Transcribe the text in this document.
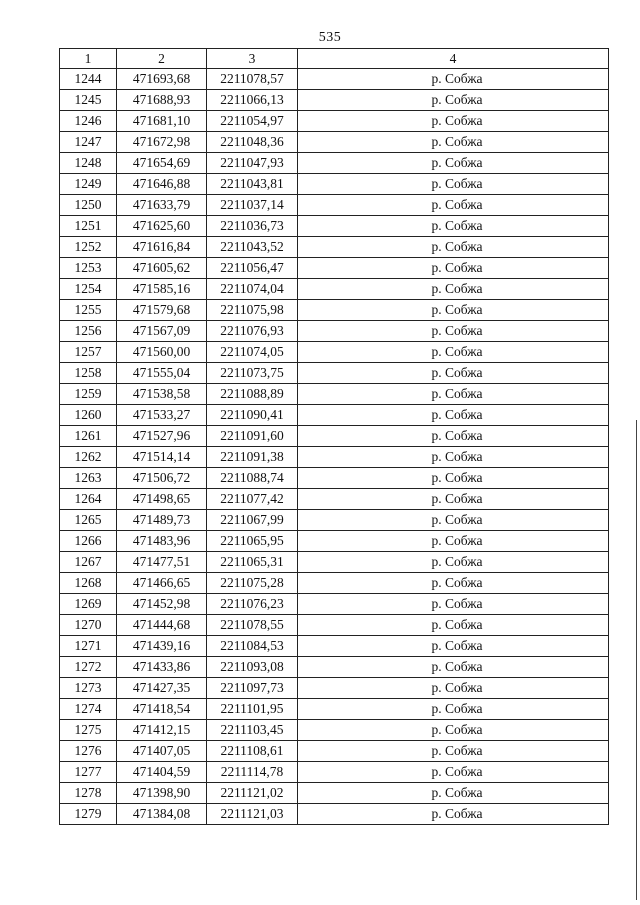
535
1	2	3	4
1244	471693,68	2211078,57	р. Собжа
1245	471688,93	2211066,13	р. Собжа
1246	471681,10	2211054,97	р. Собжа
1247	471672,98	2211048,36	р. Собжа
1248	471654,69	2211047,93	р. Собжа
1249	471646,88	2211043,81	р. Собжа
1250	471633,79	2211037,14	р. Собжа
1251	471625,60	2211036,73	р. Собжа
1252	471616,84	2211043,52	р. Собжа
1253	471605,62	2211056,47	р. Собжа
1254	471585,16	2211074,04	р. Собжа
1255	471579,68	2211075,98	р. Собжа
1256	471567,09	2211076,93	р. Собжа
1257	471560,00	2211074,05	р. Собжа
1258	471555,04	2211073,75	р. Собжа
1259	471538,58	2211088,89	р. Собжа
1260	471533,27	2211090,41	р. Собжа
1261	471527,96	2211091,60	р. Собжа
1262	471514,14	2211091,38	р. Собжа
1263	471506,72	2211088,74	р. Собжа
1264	471498,65	2211077,42	р. Собжа
1265	471489,73	2211067,99	р. Собжа
1266	471483,96	2211065,95	р. Собжа
1267	471477,51	2211065,31	р. Собжа
1268	471466,65	2211075,28	р. Собжа
1269	471452,98	2211076,23	р. Собжа
1270	471444,68	2211078,55	р. Собжа
1271	471439,16	2211084,53	р. Собжа
1272	471433,86	2211093,08	р. Собжа
1273	471427,35	2211097,73	р. Собжа
1274	471418,54	2211101,95	р. Собжа
1275	471412,15	2211103,45	р. Собжа
1276	471407,05	2211108,61	р. Собжа
1277	471404,59	2211114,78	р. Собжа
1278	471398,90	2211121,02	р. Собжа
1279	471384,08	2211121,03	р. Собжа
